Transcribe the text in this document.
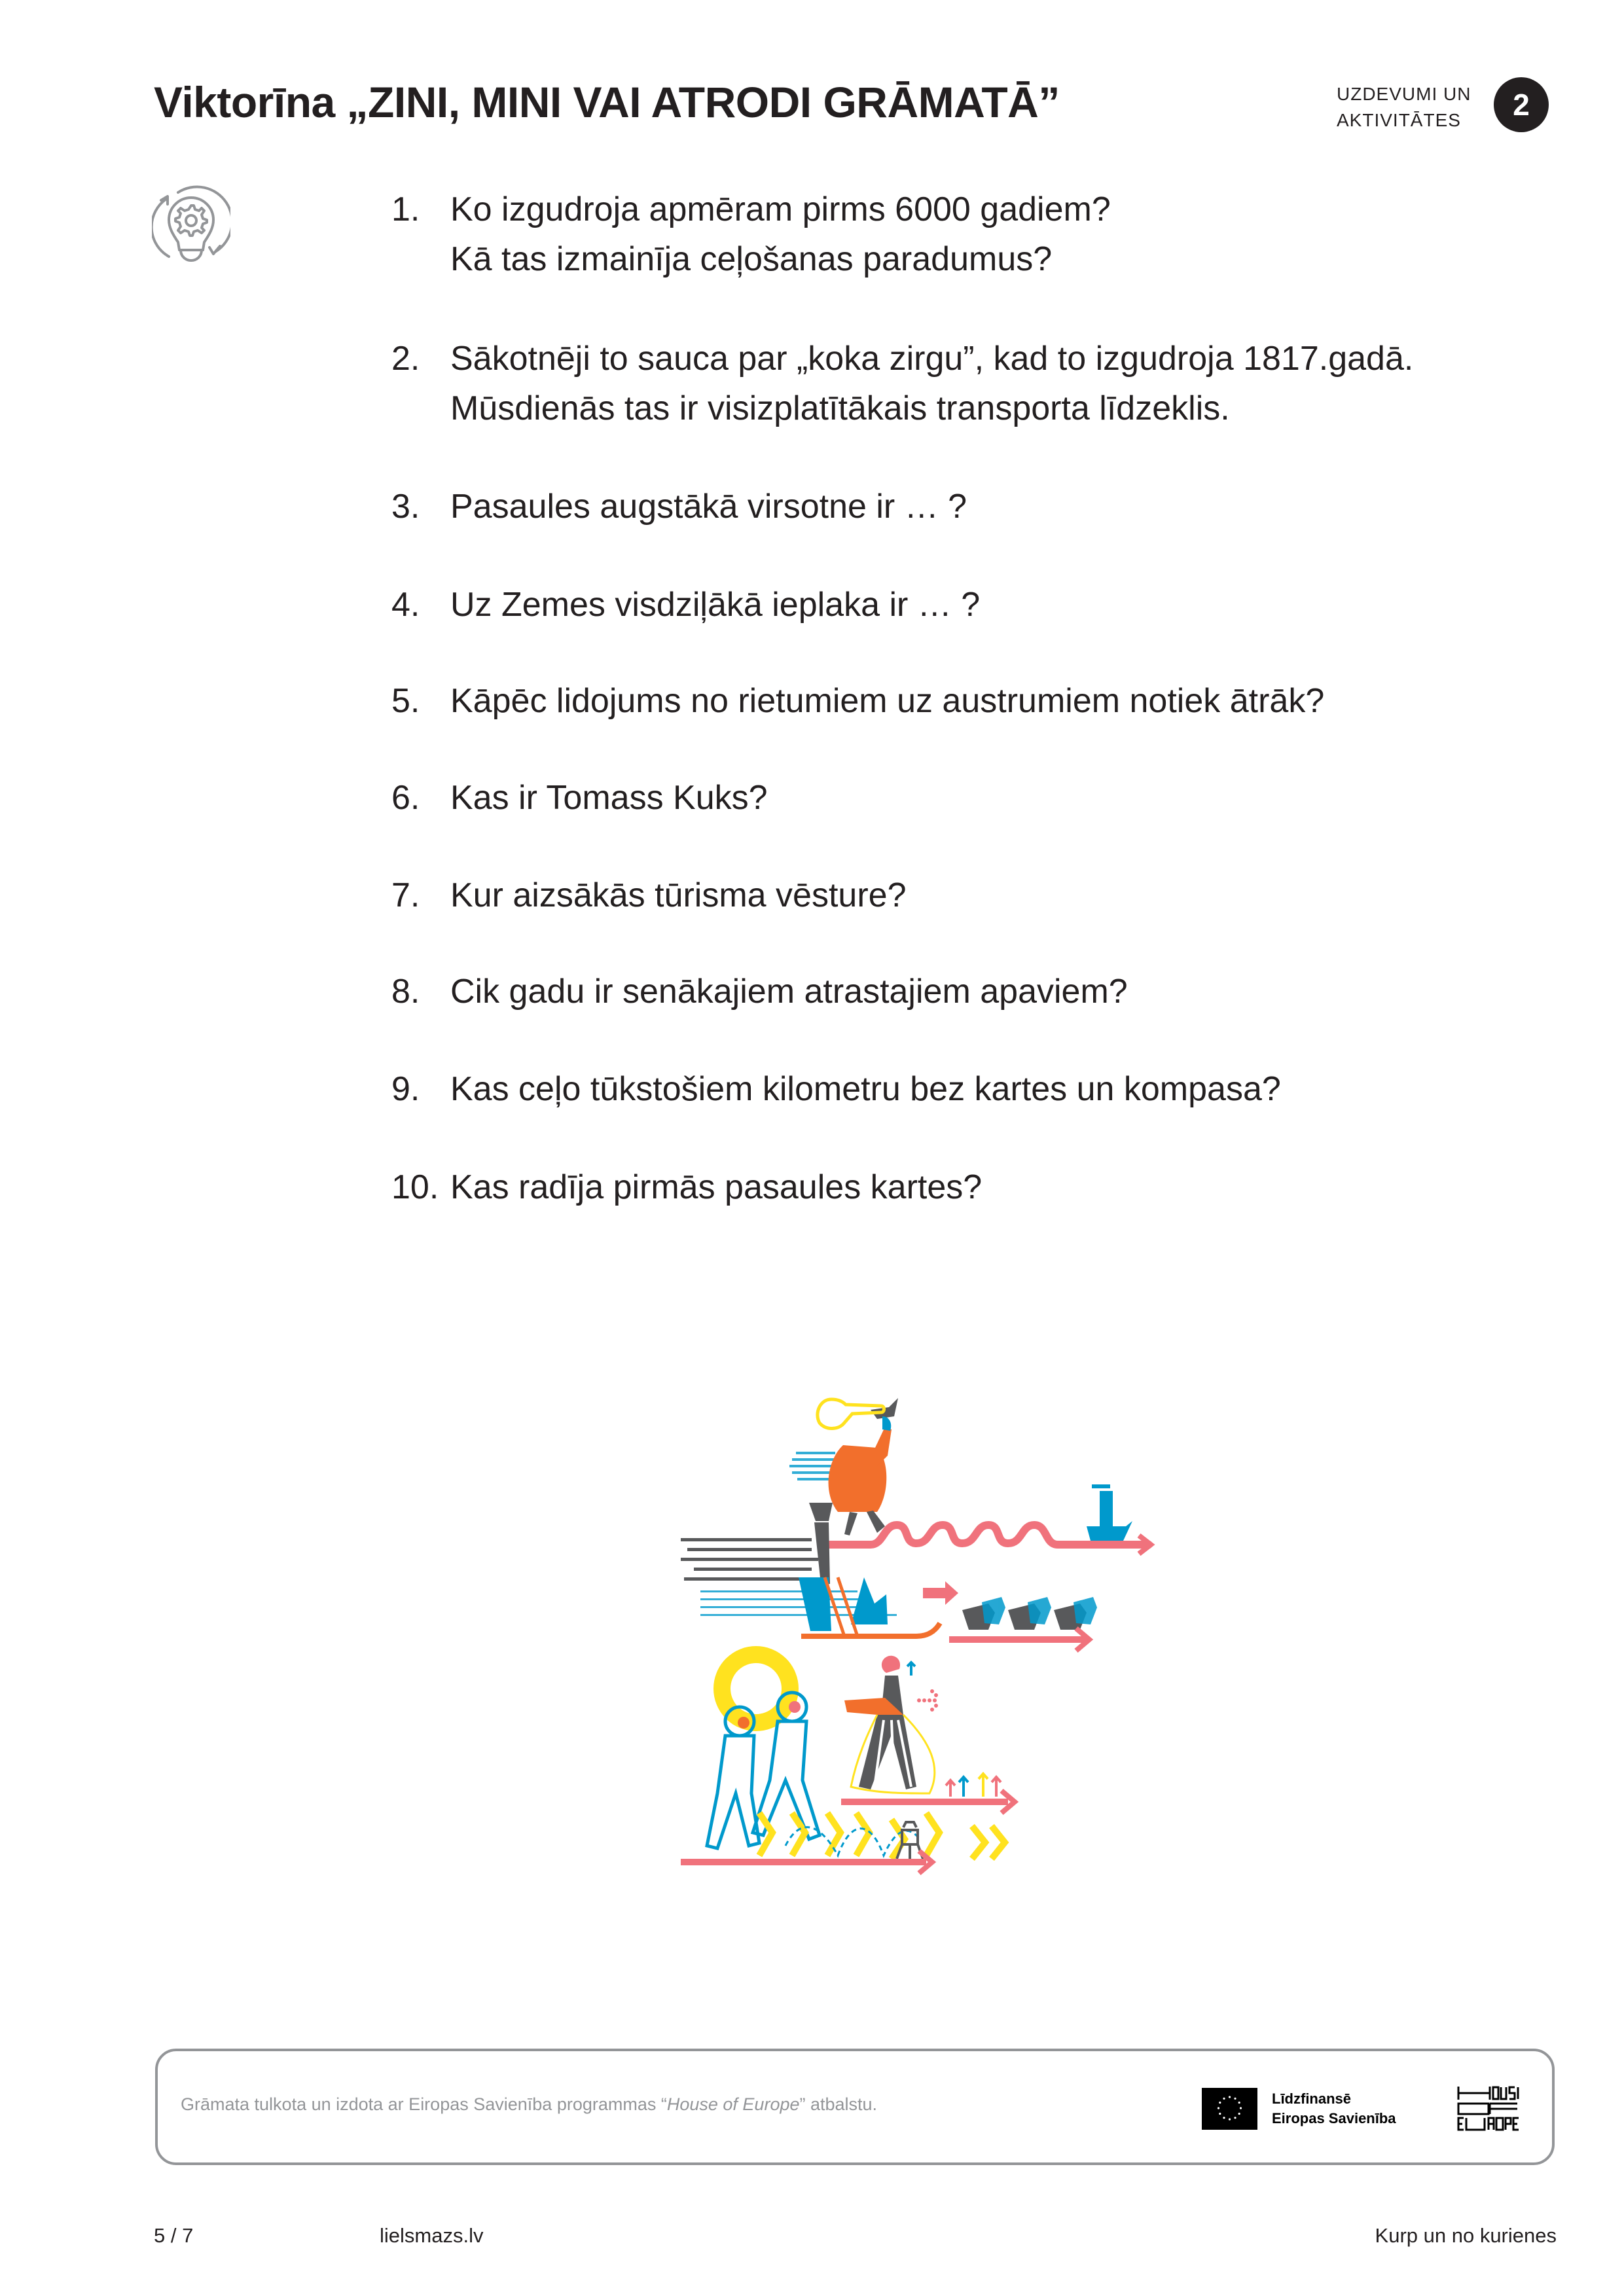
Viktorīna „ZINI, MINI VAI ATRODI GRĀMATĀ”	UZDEVUMI UN
AKTIVITĀTES	2
1. Ko izgudroja apmēram pirms 6000 gadiem?
Kā tas izmainīja ceļošanas paradumus?
2. Sākotnēji to sauca par „koka zirgu”, kad to izgudroja 1817.gadā.
Mūsdienās tas ir visizplatītākais transporta līdzeklis.
3. Pasaules augstākā virsotne ir … ?
4. Uz Zemes visdziļākā ieplaka ir … ?
5. Kāpēc lidojums no rietumiem uz austrumiem notiek ātrāk?
6. Kas ir Tomass Kuks?
7. Kur aizsākās tūrisma vēsture?
8. Cik gadu ir senākajiem atrastajiem apaviem?
9. Kas ceļo tūkstošiem kilometru bez kartes un kompasa?
10. Kas radīja pirmās pasaules kartes?
Grāmata tulkota un izdota ar Eiropas Savienība programmas “House of Europe” atbalstu.	Līdzfinansē
Eiropas Savienība
5 / 7	lielsmazs.lv	Kurp un no kurienes
